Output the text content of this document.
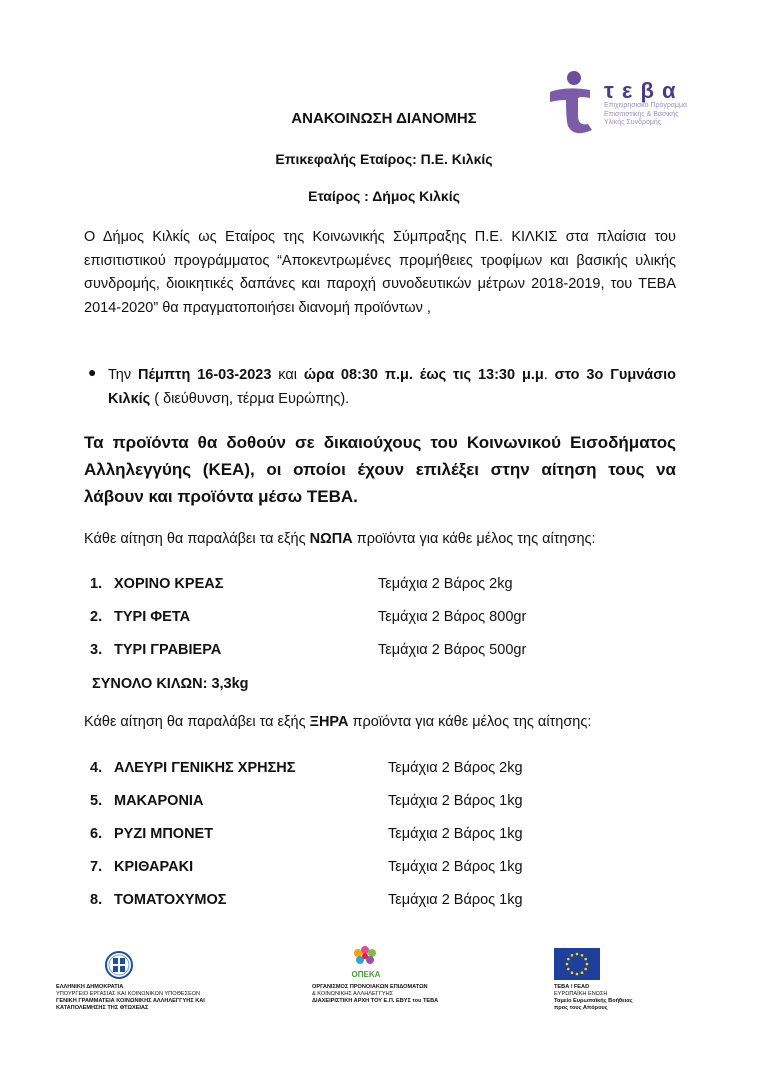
τ ε β α
Επιχειρησιακό Πρόγραμμα
Επισιτιστικής & Βασικής
Υλικής Συνδρομής
ΑΝΑΚΟΙΝΩΣΗ ΔΙΑΝΟΜΗΣ
Επικεφαλής Εταίρος: Π.Ε. Κιλκίς
Εταίρος : Δήμος Κιλκίς
Ο Δήμος Κιλκίς ως Εταίρος της Κοινωνικής Σύμπραξης Π.Ε. ΚΙΛΚΙΣ στα πλαίσια του επισιτιστικού προγράμματος “Αποκεντρωμένες προμήθειες τροφίμων και βασικής υλικής συνδρομής, διοικητικές δαπάνες και παροχή συνοδευτικών μέτρων 2018-2019, του ΤΕΒΑ 2014-2020” θα πραγματοποιήσει διανομή προϊόντων ,
● Την Πέμπτη 16-03-2023 και ώρα 08:30 π.μ. έως τις 13:30 μ.μ. στο 3ο Γυμνάσιο Κιλκίς ( διεύθυνση, τέρμα Ευρώπης).
Τα προϊόντα θα δοθούν σε δικαιούχους του Κοινωνικού Εισοδήματος Αλληλεγγύης (ΚΕΑ), οι οποίοι έχουν επιλέξει στην αίτηση τους να λάβουν και προϊόντα μέσω ΤΕΒΑ.
Κάθε αίτηση θα παραλάβει τα εξής ΝΩΠΑ προϊόντα για κάθε μέλος της αίτησης:
1. ΧΟΡΙΝΟ ΚΡΕΑΣ	Τεμάχια 2 Βάρος 2kg
2. ΤΥΡΙ ΦΕΤΑ	Τεμάχια 2 Βάρος 800gr
3. ΤΥΡΙ ΓΡΑΒΙΕΡΑ	Τεμάχια 2 Βάρος 500gr
ΣΥΝΟΛΟ ΚΙΛΩΝ: 3,3kg
Κάθε αίτηση θα παραλάβει τα εξής ΞΗΡΑ προϊόντα για κάθε μέλος της αίτησης:
4. ΑΛΕΥΡΙ ΓΕΝΙΚΗΣ ΧΡΗΣΗΣ	Τεμάχια 2 Βάρος 2kg
5. ΜΑΚΑΡΟΝΙΑ	Τεμάχια 2 Βάρος 1kg
6. ΡΥΖΙ ΜΠΟΝΕΤ	Τεμάχια 2 Βάρος 1kg
7. ΚΡΙΘΑΡΑΚΙ	Τεμάχια 2 Βάρος 1kg
8. ΤΟΜΑΤΟΧΥΜΟΣ	Τεμάχια 2 Βάρος 1kg
ΕΛΛΗΝΙΚΗ ΔΗΜΟΚΡΑΤΙΑ
ΥΠΟΥΡΓΕΙΟ ΕΡΓΑΣΙΑΣ ΚΑΙ ΚΟΙΝΩΝΙΚΩΝ ΥΠΟΘΕΣΕΩΝ
ΓΕΝΙΚΗ ΓΡΑΜΜΑΤΕΙΑ ΚΟΙΝΩΝΙΚΗΣ ΑΛΛΗΛΕΓΓΥΗΣ ΚΑΙ
ΚΑΤΑΠΟΛΕΜΗΣΗΣ ΤΗΣ ΦΤΩΧΕΙΑΣ
ΟΠΕΚΑ
ΟΡΓΑΝΙΣΜΟΣ ΠΡΟΝΟΙΑΚΩΝ ΕΠΙΔΟΜΑΤΩΝ
& ΚΟΙΝΩΝΙΚΗΣ ΑΛΛΗΛΕΓΓΥΗΣ
ΔΙΑΧΕΙΡΙΣΤΙΚΗ ΑΡΧΗ ΤΟΥ Ε.Π. ΕΒΥΣ του ΤΕΒΑ
ΤΕΒΑ / FEAD
ΕΥΡΩΠΑΪΚΗ ΕΝΩΣΗ
Ταμείο Ευρωπαϊκής Βοήθειας
προς τους Απόρους
